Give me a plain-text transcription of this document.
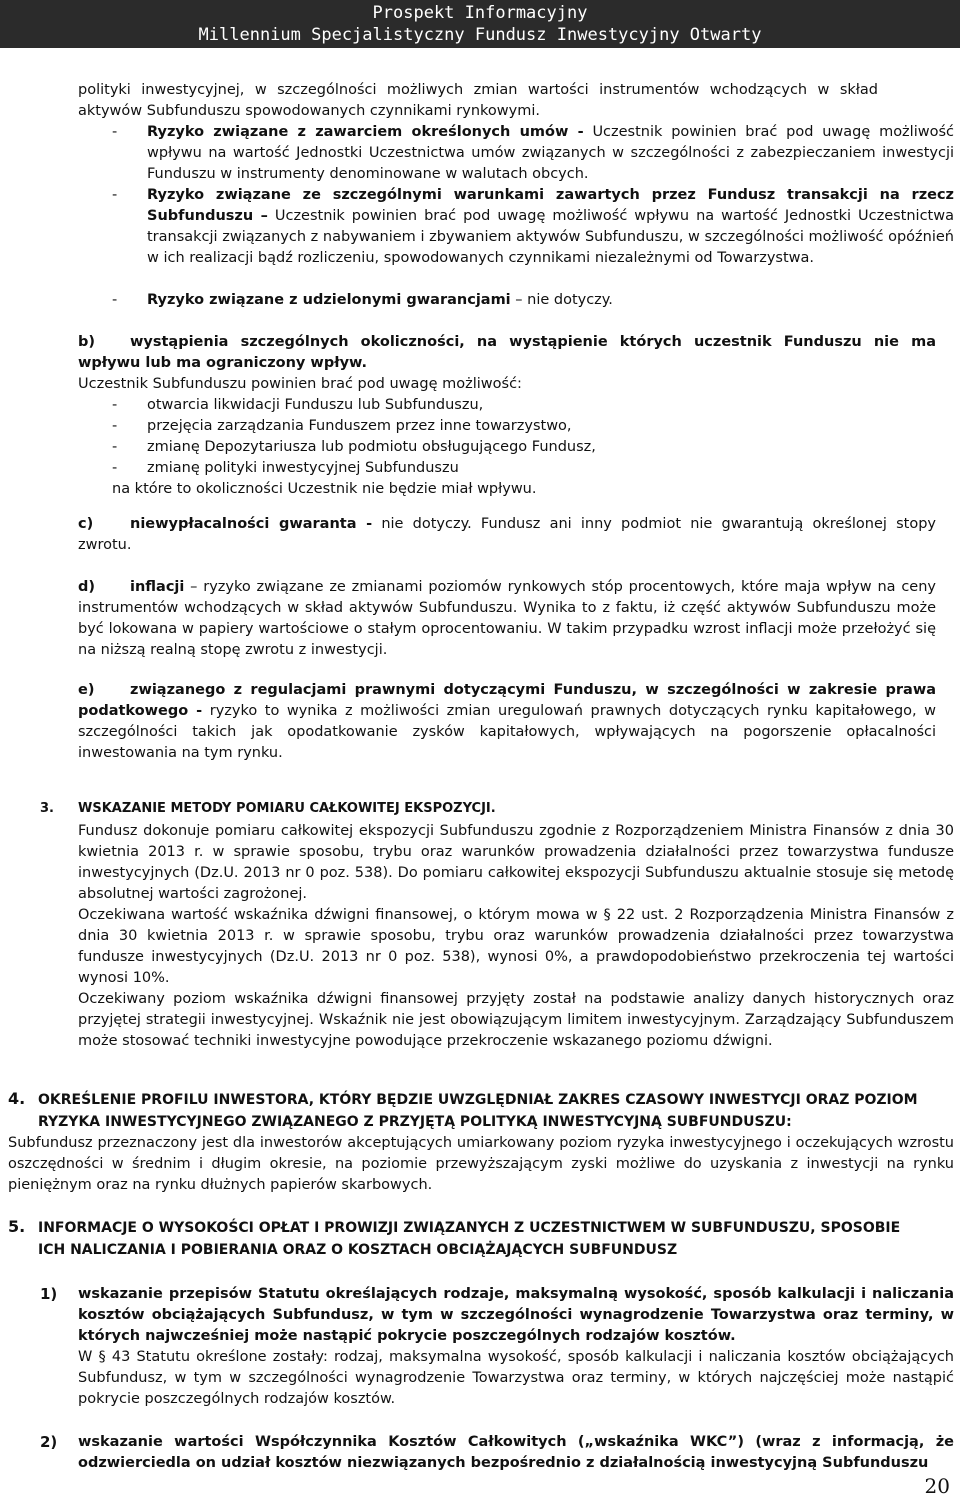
Prospekt Informacyjny
Millennium Specjalistyczny Fundusz Inwestycyjny Otwarty

polityki inwestycyjnej, w szczególności możliwych zmian wartości instrumentów wchodzących w skład aktywów Subfunduszu spowodowanych czynnikami rynkowymi.

- Ryzyko związane z zawarciem określonych umów - Uczestnik powinien brać pod uwagę możliwość wpływu na wartość Jednostki Uczestnictwa umów związanych w szczególności z zabezpieczaniem inwestycji Funduszu w instrumenty denominowane w walutach obcych.
- Ryzyko związane ze szczególnymi warunkami zawartych przez Fundusz transakcji na rzecz Subfunduszu – Uczestnik powinien brać pod uwagę możliwość wpływu na wartość Jednostki Uczestnictwa transakcji związanych z nabywaniem i zbywaniem aktywów Subfunduszu, w szczególności możliwość opóźnień w ich realizacji bądź rozliczeniu, spowodowanych czynnikami niezależnymi od Towarzystwa.
- Ryzyko związane z udzielonymi gwarancjami – nie dotyczy.
b) wystąpienia szczególnych okoliczności, na wystąpienie których uczestnik Funduszu nie ma wpływu lub ma ograniczony wpływ.

Uczestnik Subfunduszu powinien brać pod uwagę możliwość:

- otwarcia likwidacji Funduszu lub Subfunduszu,
- przejęcia zarządzania Funduszem przez inne towarzystwo,
- zmianę Depozytariusza lub podmiotu obsługującego Fundusz,
- zmianę polityki inwestycyjnej Subfunduszu
na które to okoliczności Uczestnik nie będzie miał wpływu.
c)	niewypłacalności gwaranta - nie dotyczy. Fundusz ani inny podmiot nie gwarantują określonej stopy zwrotu.
d) inflacji – ryzyko związane ze zmianami poziomów rynkowych stóp procentowych, które maja wpływ na ceny instrumentów wchodzących w skład aktywów Subfunduszu. Wynika to z faktu, iż część aktywów Subfunduszu może być lokowana w papiery wartościowe o stałym oprocentowaniu. W takim przypadku wzrost inflacji może przełożyć się na niższą realną stopę zwrotu z inwestycji.
e) związanego z regulacjami prawnymi dotyczącymi Funduszu, w szczególności w zakresie prawa podatkowego - ryzyko to wynika z możliwości zmian uregulowań prawnych dotyczących rynku kapitałowego, w szczególności takich jak opodatkowanie zysków kapitałowych, wpływających na pogorszenie opłacalności inwestowania na tym rynku.
3. WSKAZANIE METODY POMIARU CAŁKOWITEJ EKSPOZYCJI.

Fundusz dokonuje pomiaru całkowitej ekspozycji Subfunduszu zgodnie z Rozporządzeniem Ministra Finansów z dnia 30 kwietnia 2013 r. w sprawie sposobu, trybu oraz warunków prowadzenia działalności przez towarzystwa fundusze inwestycyjnych (Dz.U. 2013 nr 0 poz. 538). Do pomiaru całkowitej ekspozycji Subfunduszu aktualnie stosuje się metodę absolutnej wartości zagrożonej.

Oczekiwana wartość wskaźnika dźwigni finansowej, o którym mowa w § 22 ust. 2 Rozporządzenia Ministra Finansów z dnia 30 kwietnia 2013 r. w sprawie sposobu, trybu oraz warunków prowadzenia działalności przez towarzystwa fundusze inwestycyjnych (Dz.U. 2013 nr 0 poz. 538), wynosi 0%, a prawdopodobieństwo przekroczenia tej wartości wynosi 10%.

Oczekiwany poziom wskaźnika dźwigni finansowej przyjęty został na podstawie analizy danych historycznych oraz przyjętej strategii inwestycyjnej. Wskaźnik nie jest obowiązującym limitem inwestycyjnym. Zarządzający Subfunduszem może stosować techniki inwestycyjne powodujące przekroczenie wskazanego poziomu dźwigni.

4. OKREŚLENIE PROFILU INWESTORA, KTÓRY BĘDZIE UWZGLĘDNIAŁ ZAKRES CZASOWY INWESTYCJI ORAZ POZIOM RYZYKA INWESTYCYJNEGO ZWIĄZANEGO Z PRZYJĘTĄ POLITYKĄ INWESTYCYJNĄ SUBFUNDUSZU:

Subfundusz przeznaczony jest dla inwestorów akceptujących umiarkowany poziom ryzyka inwestycyjnego i oczekujących wzrostu oszczędności w średnim i długim okresie, na poziomie przewyższającym zyski możliwe do uzyskania z inwestycji na rynku pieniężnym oraz na rynku dłużnych papierów skarbowych.

5. INFORMACJE O WYSOKOŚCI OPŁAT I PROWIZJI ZWIĄZANYCH Z UCZESTNICTWEM W SUBFUNDUSZU, SPOSOBIE ICH NALICZANIA I POBIERANIA ORAZ O KOSZTACH OBCIĄŻAJĄCYCH SUBFUNDUSZ
1) wskazanie przepisów Statutu określających rodzaje, maksymalną wysokość, sposób kalkulacji i naliczania kosztów obciążających Subfundusz, w tym w szczególności wynagrodzenie Towarzystwa oraz terminy, w których najwcześniej może nastąpić pokrycie poszczególnych rodzajów kosztów.
W § 43 Statutu określone zostały: rodzaj, maksymalna wysokość, sposób kalkulacji i naliczania kosztów obciążających Subfundusz, w tym w szczególności wynagrodzenie Towarzystwa oraz terminy, w których najczęściej może nastąpić pokrycie poszczególnych rodzajów kosztów.
2) wskazanie wartości Współczynnika Kosztów Całkowitych („wskaźnika WKC”) (wraz z informacją, że odzwierciedla on udział kosztów niezwiązanych bezpośrednio z działalnością inwestycyjną Subfunduszu
20
